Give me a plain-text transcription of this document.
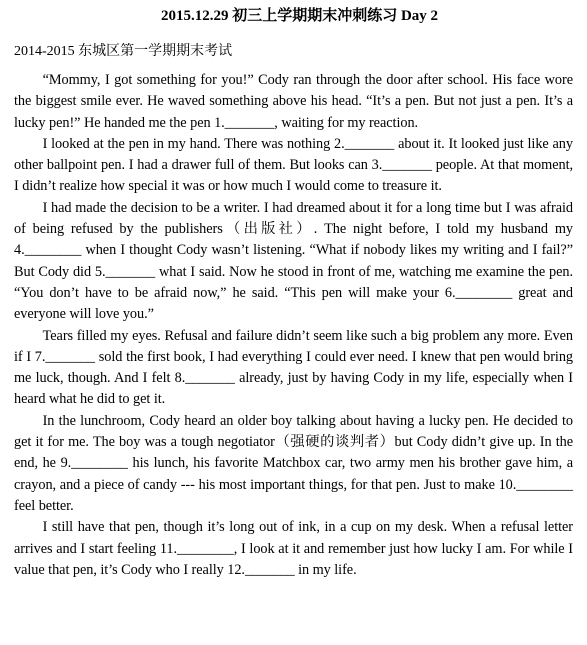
2015.12.29 初三上学期期末冲刺练习 Day 2
2014-2015 东城区第一学期期末考试

“Mommy, I got something for you!” Cody ran through the door after school. His face wore the biggest smile ever. He waved something above his head. “It’s a pen. But not just a pen. It’s a lucky pen!” He handed me the pen 1._______, waiting for my reaction.

I looked at the pen in my hand. There was nothing 2._______ about it. It looked just like any other ballpoint pen. I had a drawer full of them. But looks can 3._______ people. At that moment, I didn’t realize how special it was or how much I would come to treasure it.

I had made the decision to be a writer. I had dreamed about it for a long time but I was afraid of being refused by the publishers（出版社）. The night before, I told my husband my 4.________ when I thought Cody wasn’t listening. “What if nobody likes my writing and I fail?” But Cody did 5._______ what I said. Now he stood in front of me, watching me examine the pen. “You don’t have to be afraid now,” he said. “This pen will make your 6.________ great and everyone will love you.”

Tears filled my eyes. Refusal and failure didn’t seem like such a big problem any more. Even if I 7._______ sold the first book, I had everything I could ever need. I knew that pen would bring me luck, though. And I felt 8._______ already, just by having Cody in my life, especially when I heard what he did to get it.

In the lunchroom, Cody heard an older boy talking about having a lucky pen. He decided to get it for me. The boy was a tough negotiator（强硬的谈判者）but Cody didn’t give up. In the end, he 9.________ his lunch, his favorite Matchbox car, two army men his brother gave him, a crayon, and a piece of candy --- his most important things, for that pen. Just to make 10.________ feel better.

I still have that pen, though it’s long out of ink, in a cup on my desk. When a refusal letter arrives and I start feeling 11.________, I look at it and remember just how lucky I am. For while I value that pen, it’s Cody who I really 12._______ in my life.
